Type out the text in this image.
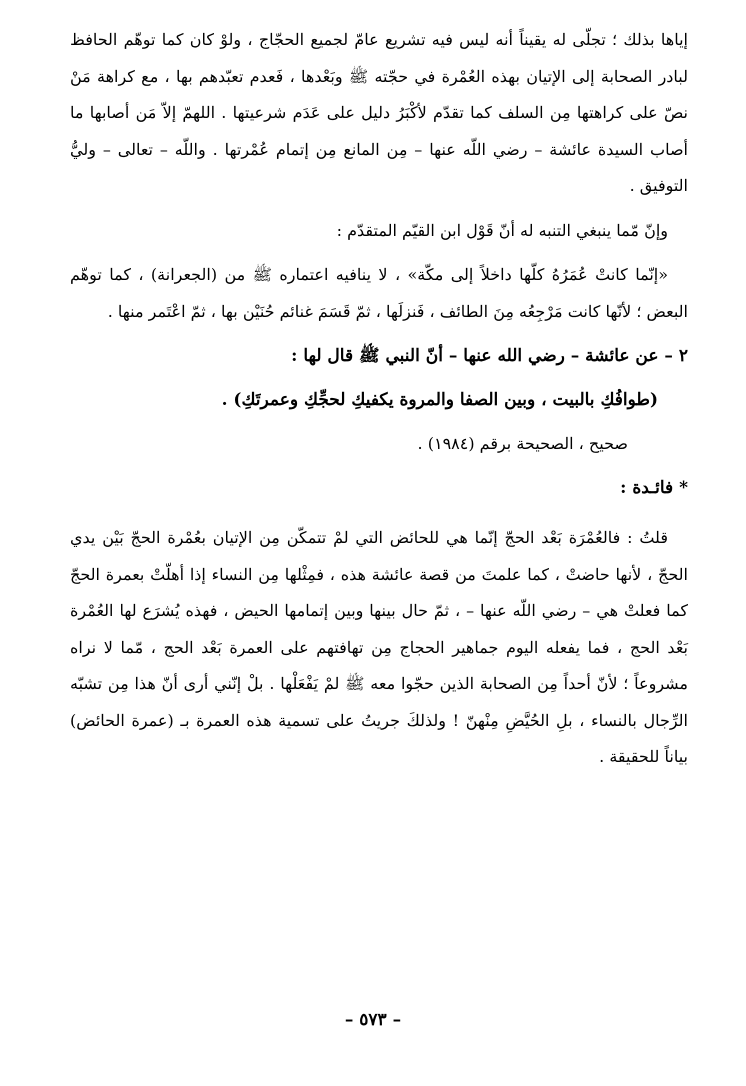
إياها بذلك ؛ تجلّى له يقيناً أنه ليس فيه تشريع عامّ لجميع الحجّاج ، ولوْ كان كما توهّم الحافظ لبادر الصحابة إلى الإتيان بهذه العُمْرة في حجّته ﷺ وبَعْدها ، فَعدم تعبّدهم بها ، مع كراهة مَنْ نصّ على كراهتها مِن السلف كما تقدّم لأكْبَرُ دليل على عَدَم شرعيتها . اللهمّ إلاّ مَن أصابها ما أصاب السيدة عائشة – رضي اللّه عنها – مِن المانع مِن إتمام عُمْرتها . واللّه – تعالى – وليُّ التوفيق .

وإنّ مّما ينبغي التنبه له أنّ قَوْل ابن القيّم المتقدّم :

«إنّما كانتْ عُمَرُهُ كلّها داخلاً إلى مكّة» ، لا ينافيه اعتماره ﷺ من (الجعرانة) ، كما توهّم البعض ؛ لأنّها كانت مَرْجِعُه مِنَ الطائف ، فَنزلَها ، ثمّ قَسَمَ غنائم حُنَيْن بها ، ثمّ اعْتَمر منها .

٢ – عن عائشة – رضي الله عنها – أنّ النبي ﷺ قال لها :

(طوافُكِ بالبيت ، وبين الصفا والمروة يكفيكِ لحجِّكِ وعمرتَكِ) .

صحيح ، الصحيحة برقم (١٩٨٤) .

* فائـدة :

قلتُ : فالعُمْرَة بَعْد الحجّ إنّما هي للحائض التي لمْ تتمكّن مِن الإتيان بعُمْرة الحجّ بَيْن يدي الحجّ ، لأنها حاضتْ ، كما علمتَ من قصة عائشة هذه ، فمِثْلها مِن النساء إذا أهلّتْ بعمرة الحجّ كما فعلتْ هي – رضي اللّه عنها – ، ثمّ حال بينها وبين إتمامها الحيض ، فهذه يُشرَع لها العُمْرة بَعْد الحج ، فما يفعله اليوم جماهير الحجاج مِن تهافتهم على العمرة بَعْد الحج ، مّما لا نراه مشروعاً ؛ لأنّ أحداً مِن الصحابة الذين حجّوا معه ﷺ لمْ يَفْعَلْها . بلْ إنّني أرى أنّ هذا مِن تشبّه الرِّجال بالنساء ، بلِ الحُيَّضِ مِنْهنّ ! ولذلكَ جريتُ على تسمية هذه العمرة بـ (عمرة الحائض) بياناً للحقيقة .

– ٥٧٣ –
